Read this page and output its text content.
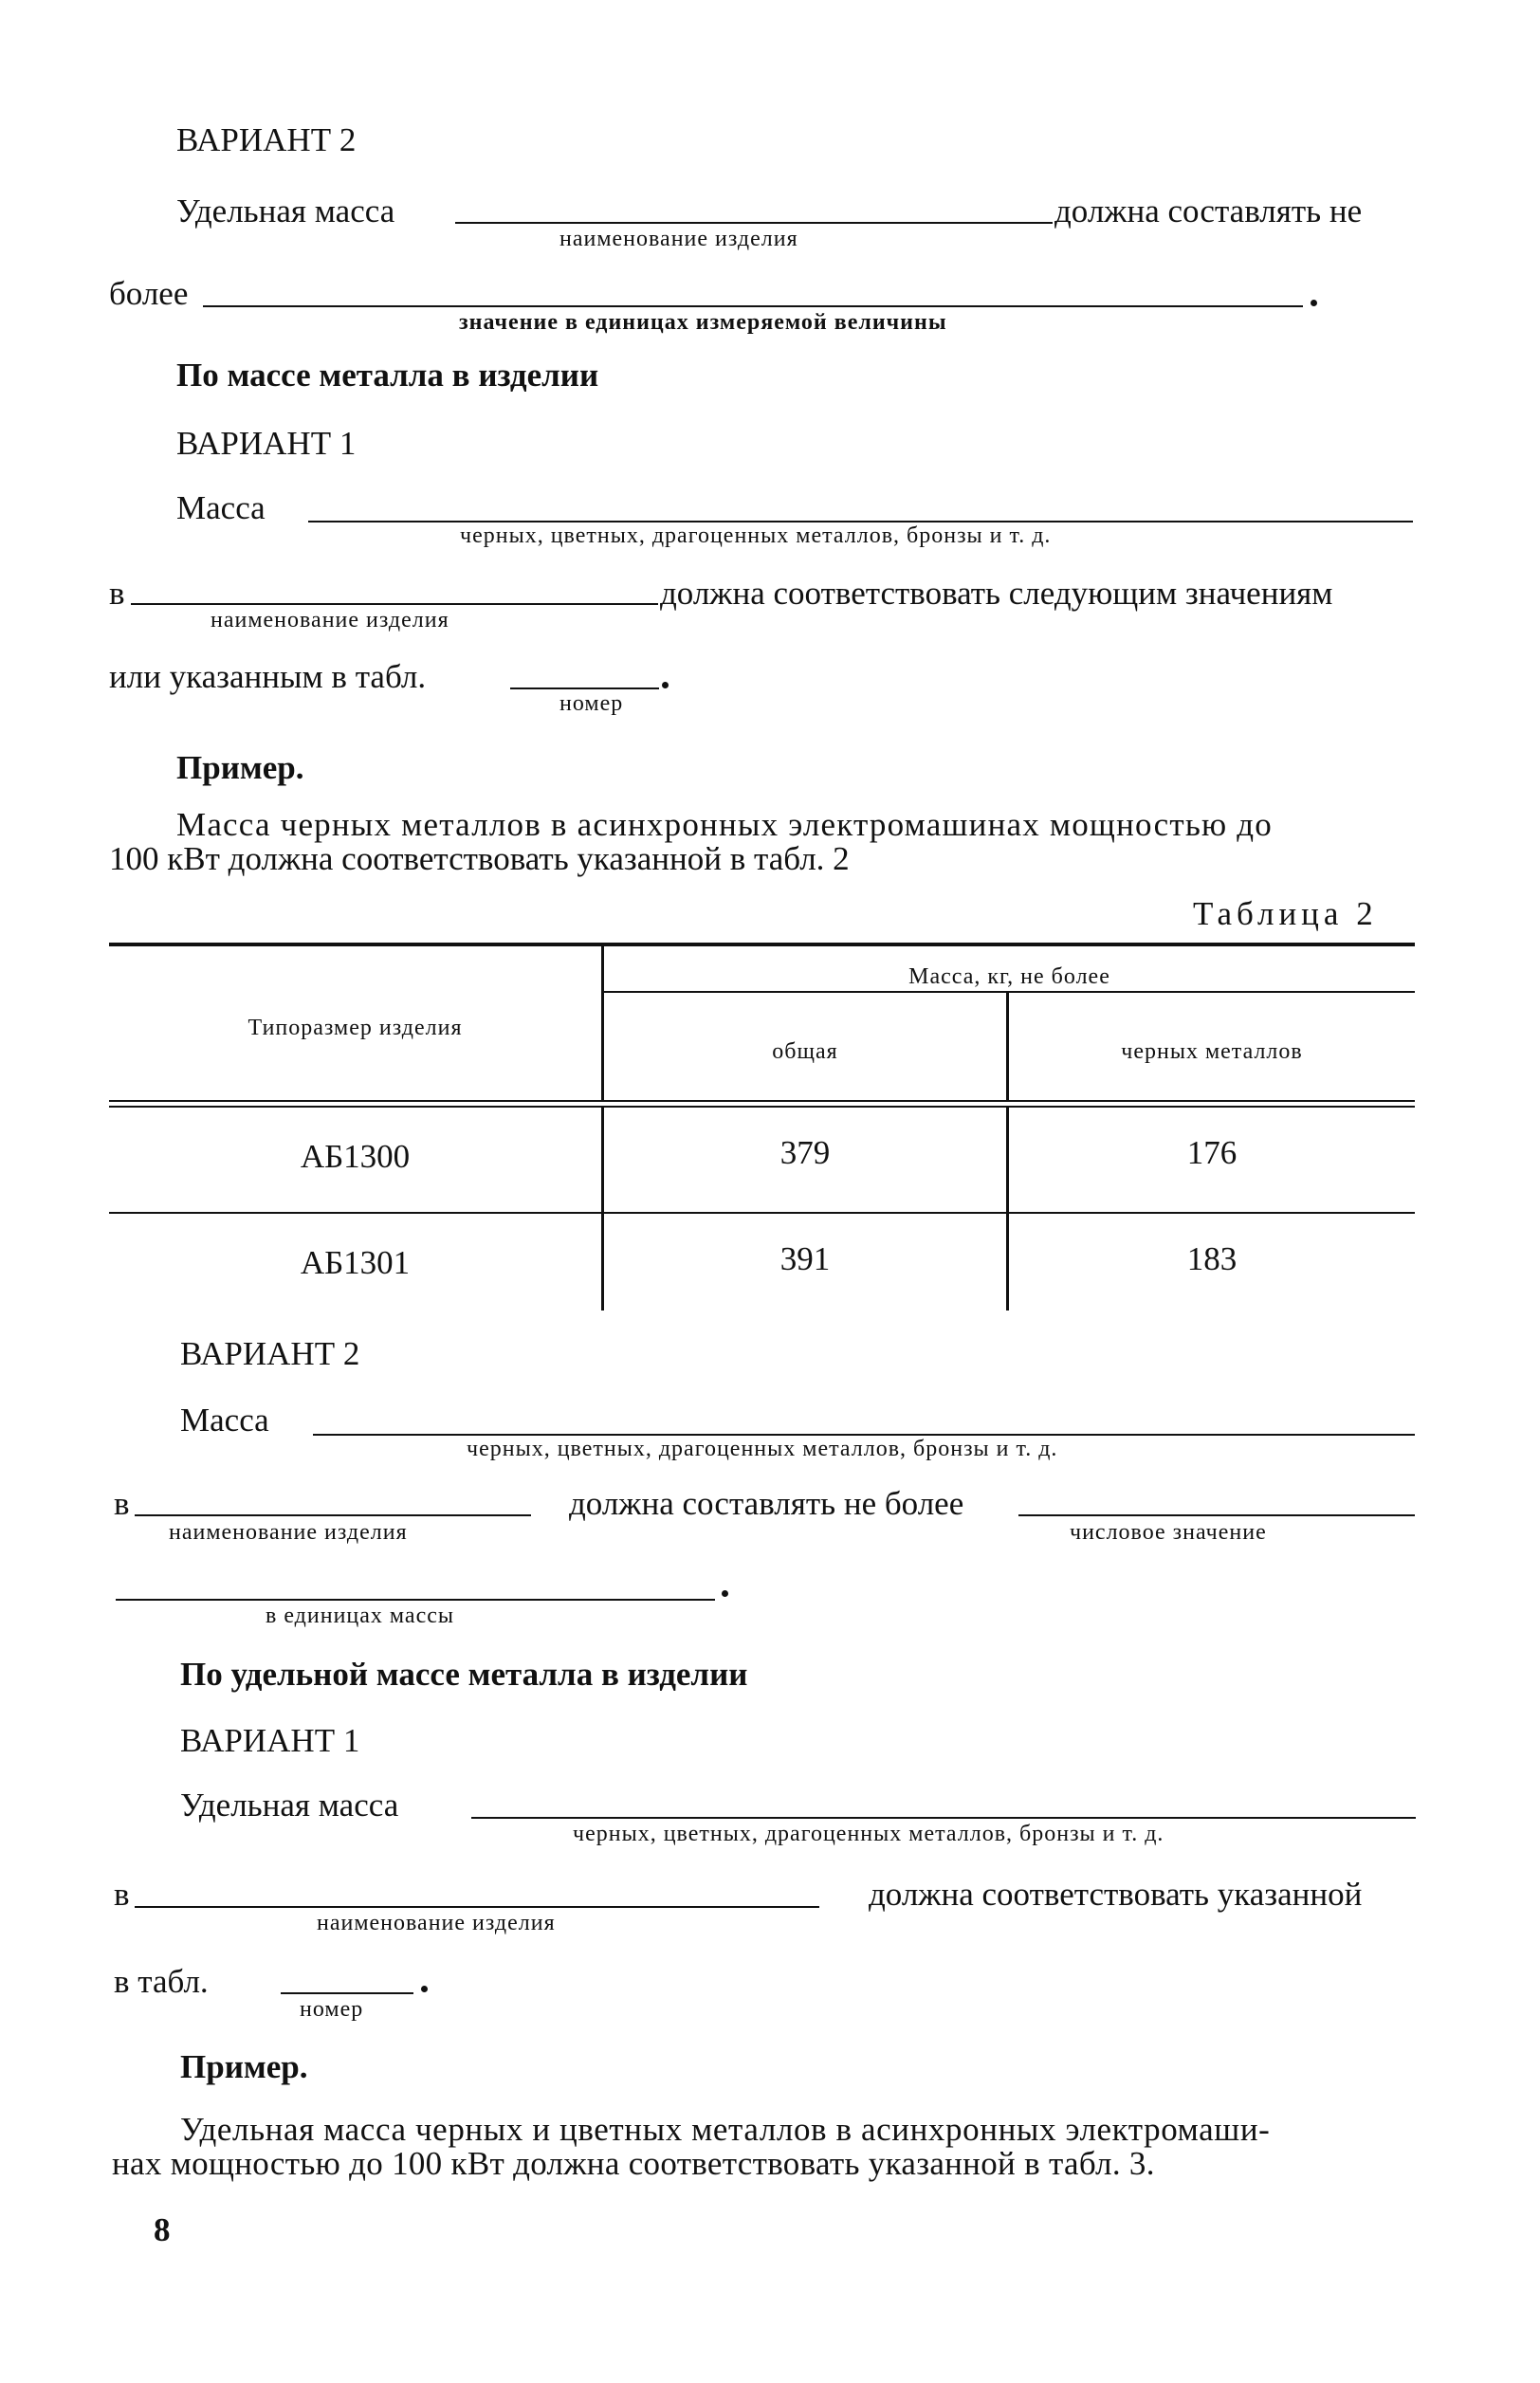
ВАРИАНТ 2
Удельная масса	должна составлять не
наименование изделия
более
значение в единицах измеряемой величины
По массе металла в изделии
ВАРИАНТ 1
Масса
черных, цветных, драгоценных металлов, бронзы и т. д.
в	должна соответствовать следующим значениям
наименование изделия
или указанным в табл.
номер
Пример.
Масса черных металлов в асинхронных электромашинах мощностью до
100 кВт должна соответствовать указанной в табл. 2
Таблица 2
Типоразмер изделия
Масса, кг, не более
общая	черных металлов
АБ1300	379	176
АБ1301	391	183
ВАРИАНТ 2
Масса
черных, цветных, драгоценных металлов, бронзы и т. д.
в	должна составлять не более
наименование изделия	числовое значение
в единицах массы
По удельной массе металла в изделии
ВАРИАНТ 1
Удельная масса
черных, цветных, драгоценных металлов, бронзы и т. д.
в	должна соответствовать указанной
наименование изделия
в табл.
номер
Пример.
Удельная масса черных и цветных металлов в асинхронных электромаши-
нах мощностью до 100 кВт должна соответствовать указанной в табл. 3.
8
